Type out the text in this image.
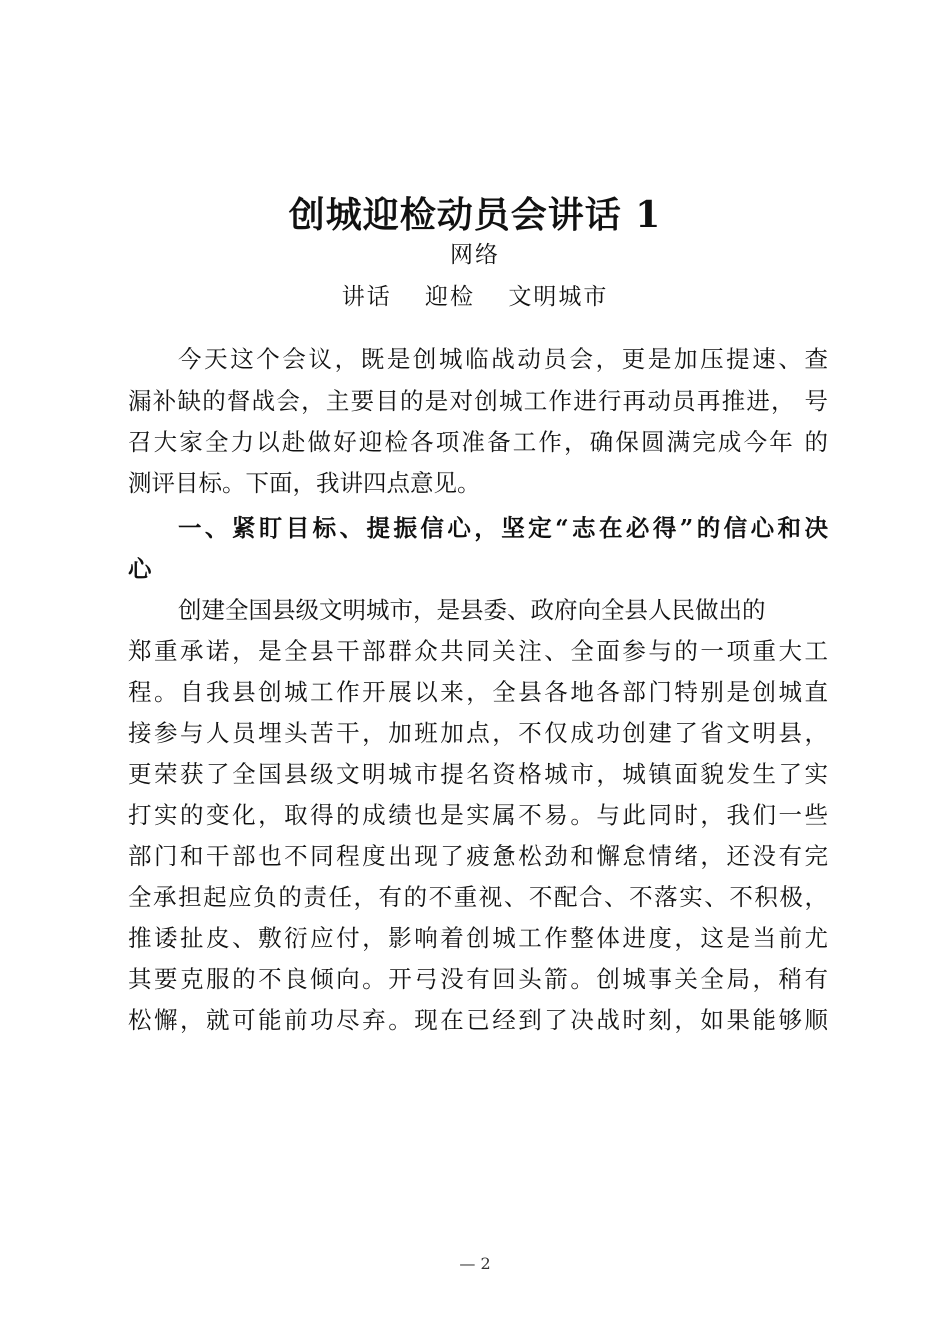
创城迎检动员会讲话 1
网络
讲话 迎检 文明城市
今天这个会议，既是创城临战动员会，更是加压提速、查
漏补缺的督战会，主要目的是对创城工作进行再动员再推进， 号
召大家全力以赴做好迎检各项准备工作，确保圆满完成今年 的
测评目标。下面，我讲四点意见。
一、紧盯目标、提振信心，坚定“志在必得”的信心和决
心
创建全国县级文明城市，是县委、政府向全县人民做出的
郑重承诺，是全县干部群众共同关注、全面参与的一项重大工
程。自我县创城工作开展以来，全县各地各部门特别是创城直
接参与人员埋头苦干，加班加点，不仅成功创建了省文明县，
更荣获了全国县级文明城市提名资格城市，城镇面貌发生了实
打实的变化，取得的成绩也是实属不易。与此同时，我们一些
部门和干部也不同程度出现了疲惫松劲和懈怠情绪，还没有完
全承担起应负的责任，有的不重视、不配合、不落实、不积极，
推诿扯皮、敷衍应付，影响着创城工作整体进度，这是当前尤
其要克服的不良倾向。开弓没有回头箭。创城事关全局，稍有
松懈，就可能前功尽弃。现在已经到了决战时刻，如果能够顺
— 2
